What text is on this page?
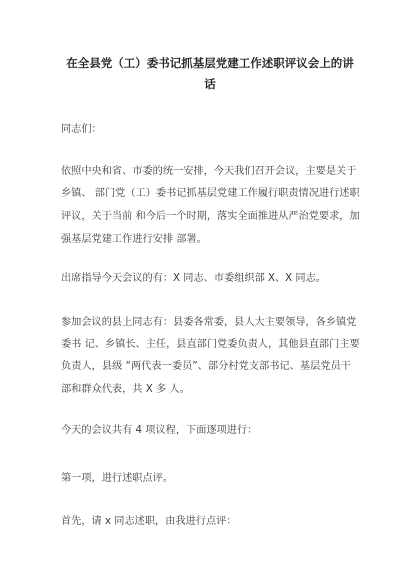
在全县党（工）委书记抓基层党建工作述职评议会上的讲
话
同志们：
依照中央和省、市委的统一安排，今天我们召开会议，主要是关于
乡镇、 部门党（工）委书记抓基层党建工作履行职责情况进行述职
评议，关于当前 和今后一个时期，落实全面推进从严治党要求，加
强基层党建工作进行安排 部署。
出席指导今天会议的有：X 同志、市委组织部 X、X 同志。
参加会议的县上同志有：县委各常委，县人大主要领导，各乡镇党
委书 记、乡镇长、主任，县直部门党委负责人，其他县直部门主要
负责人，县级 “两代表一委员”、部分村党支部书记、基层党员干
部和群众代表，共 X 多 人。
今天的会议共有 4 项议程，下面逐项进行：
第一项，进行述职点评。
首先，请 x 同志述职，由我进行点评：
